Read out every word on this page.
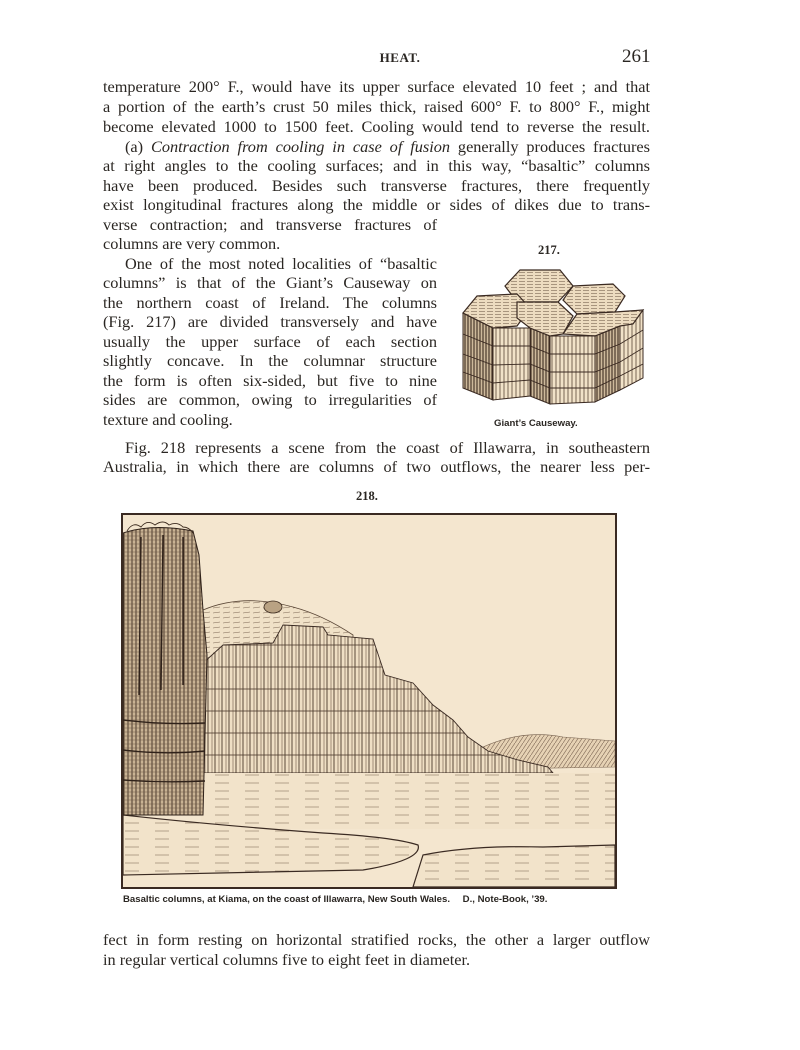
HEAT.	261
temperature 200° F., would have its upper surface elevated 10 feet ; and that
a portion of the earth’s crust 50 miles thick, raised 600° F. to 800° F., might
become elevated 1000 to 1500 feet. Cooling would tend to reverse the result.
(a) Contraction from cooling in case of fusion generally produces fractures
at right angles to the cooling surfaces; and in this way, “basaltic” columns
have been produced. Besides such transverse fractures, there frequently
exist longitudinal fractures along the middle or sides of dikes due to trans-
verse contraction; and transverse fractures of
columns are very common.
One of the most noted localities of “basaltic
columns” is that of the Giant’s Causeway on
the northern coast of Ireland. The columns
(Fig. 217) are divided transversely and have
usually the upper surface of each section
slightly concave. In the columnar structure
the form is often six-sided, but five to nine
sides are common, owing to irregularities of
texture and cooling.
217.
Giant’s Causeway.
Fig. 218 represents a scene from the coast of Illawarra, in southeastern
Australia, in which there are columns of two outflows, the nearer less per-
218.
Basaltic columns, at Kiama, on the coast of Illawarra, New South Wales. D., Note-Book, ’39.
fect in form resting on horizontal stratified rocks, the other a larger outflow
in regular vertical columns five to eight feet in diameter.
